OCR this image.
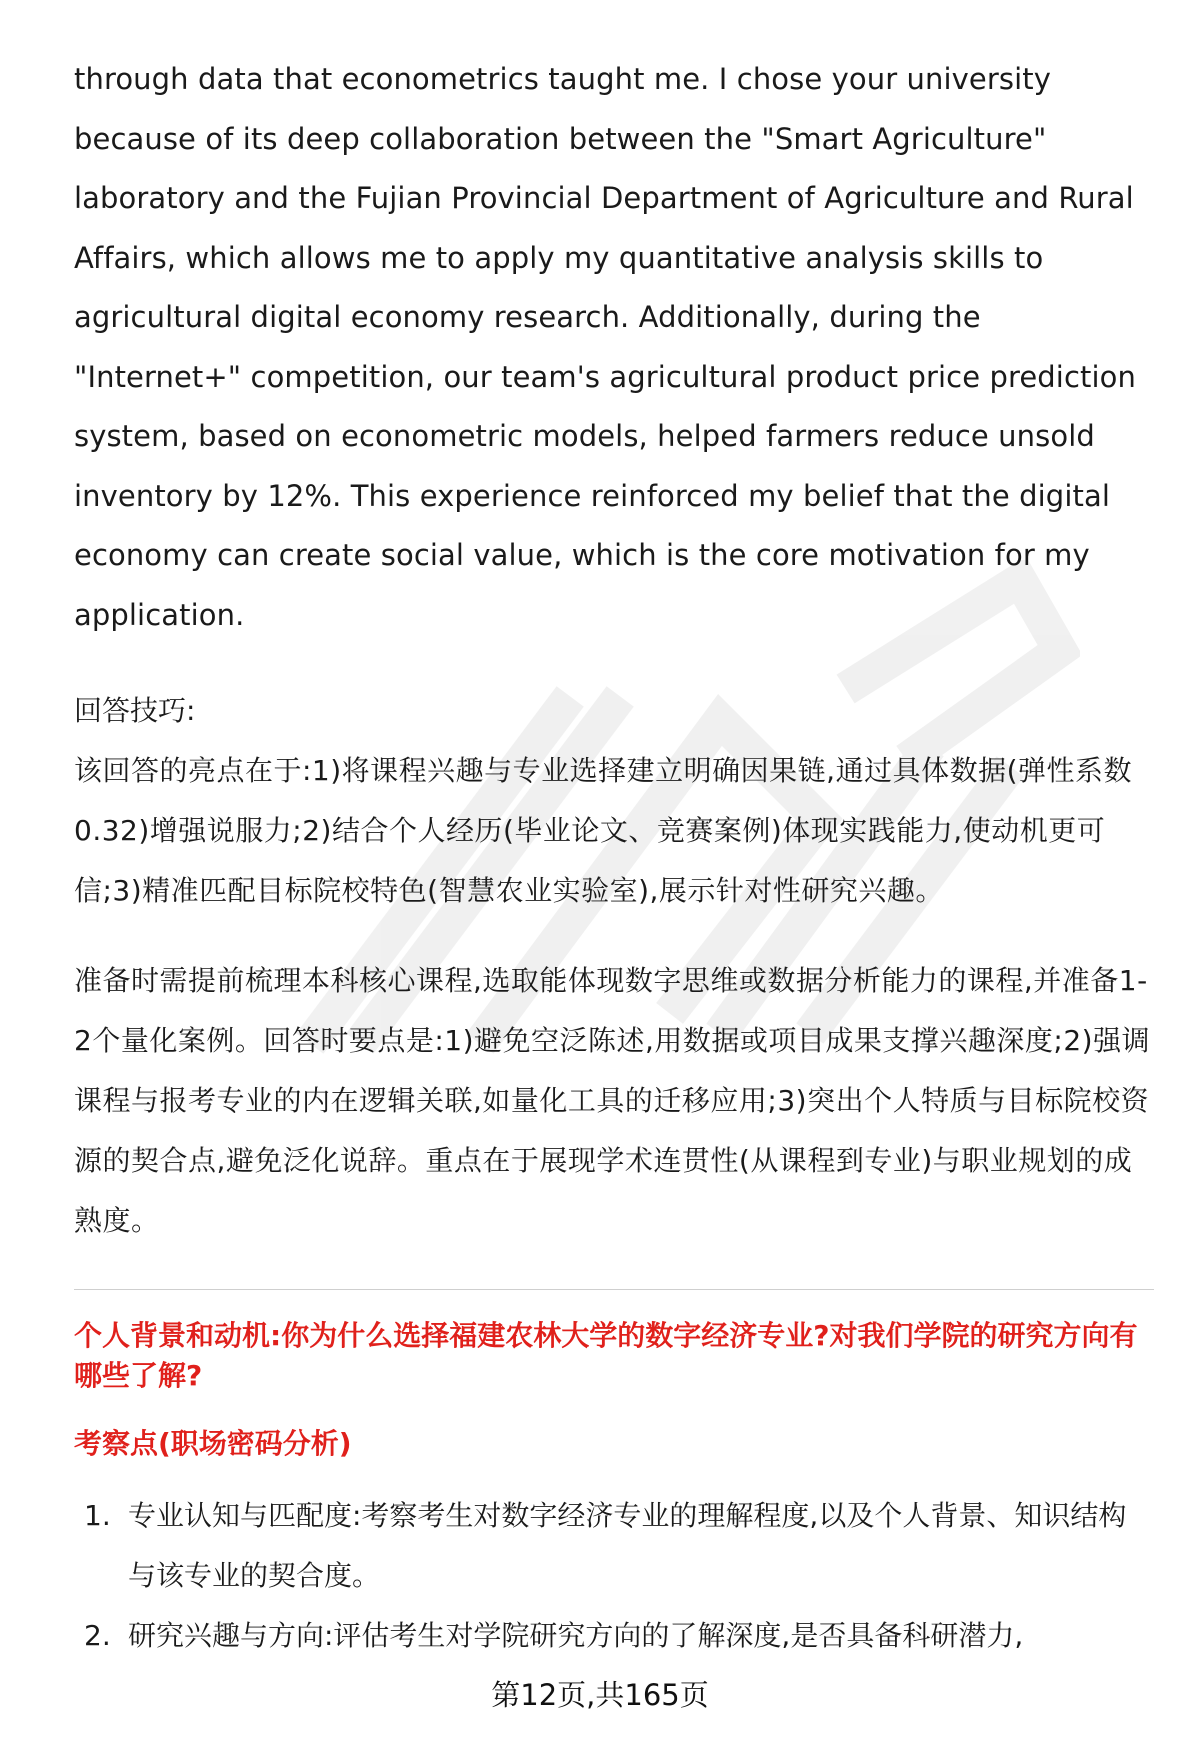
through data that econometrics taught me. I chose your university because of its deep collaboration between the "Smart Agriculture" laboratory and the Fujian Provincial Department of Agriculture and Rural Affairs, which allows me to apply my quantitative analysis skills to agricultural digital economy research. Additionally, during the "Internet+" competition, our team's agricultural product price prediction system, based on econometric models, helped farmers reduce unsold inventory by 12%. This experience reinforced my belief that the digital economy can create social value, which is the core motivation for my application.

回答技巧:

该回答的亮点在于:1)将课程兴趣与专业选择建立明确因果链,通过具体数据(弹性系数0.32)增强说服力;2)结合个人经历(毕业论文、竞赛案例)体现实践能力,使动机更可信;3)精准匹配目标院校特色(智慧农业实验室),展示针对性研究兴趣。

准备时需提前梳理本科核心课程,选取能体现数字思维或数据分析能力的课程,并准备1-2个量化案例。回答时要点是:1)避免空泛陈述,用数据或项目成果支撑兴趣深度;2)强调课程与报考专业的内在逻辑关联,如量化工具的迁移应用;3)突出个人特质与目标院校资源的契合点,避免泛化说辞。重点在于展现学术连贯性(从课程到专业)与职业规划的成熟度。

个人背景和动机:你为什么选择福建农林大学的数字经济专业?对我们学院的研究方向有哪些了解?
考察点(职场密码分析)
1. 专业认知与匹配度:考察考生对数字经济专业的理解程度,以及个人背景、知识结构与该专业的契合度。
2. 研究兴趣与方向:评估考生对学院研究方向的了解深度,是否具备科研潜力,
第12页,共165页
